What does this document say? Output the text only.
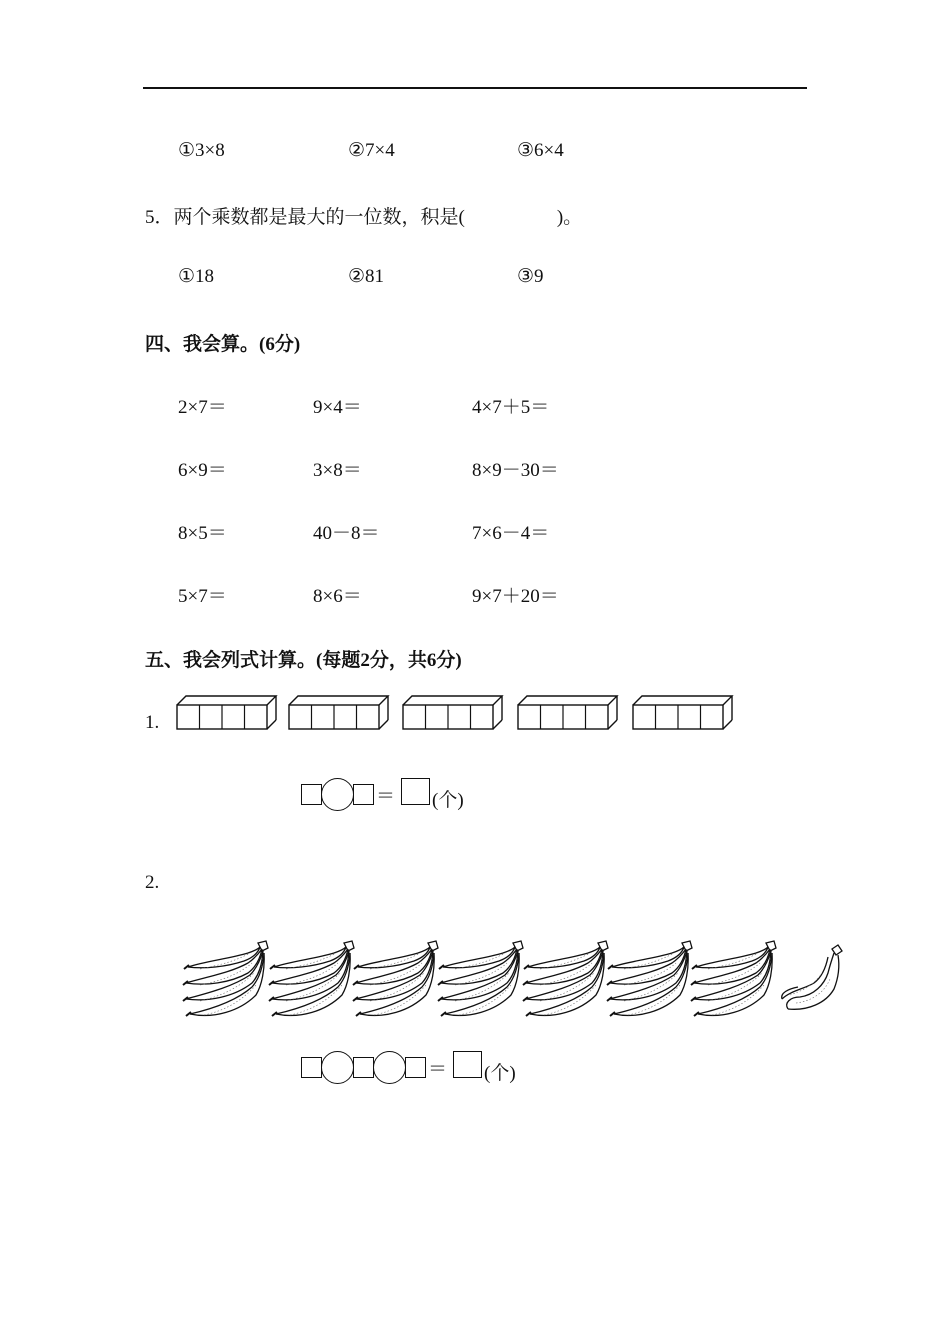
①3×8	②7×4	③6×4
5．两个乘数都是最大的一位数，积是(	)。
①18	②81	③9
四、我会算。(6分)
2×7＝	9×4＝	4×7＋5＝
6×9＝	3×8＝	8×9－30＝
8×5＝	40－8＝	7×6－4＝
5×7＝	8×6＝	9×7＋20＝
五、我会列式计算。(每题2分，共6分)
1.
＝ (个)
2.
＝ (个)
